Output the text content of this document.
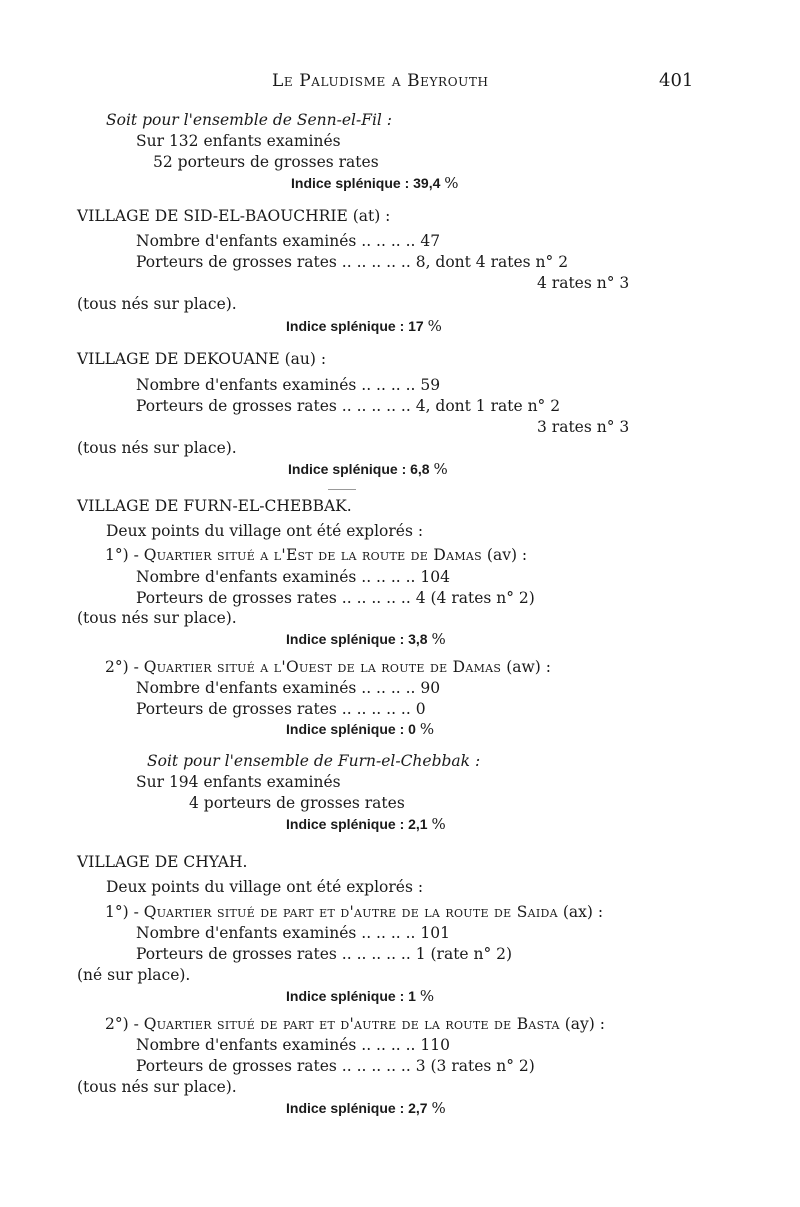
Le Paludisme a Beyrouth	401
Soit pour l'ensemble de Senn-el-Fil :
Sur 132 enfants examinés
52 porteurs de grosses rates
Indice splénique : 39,4 %
VILLAGE DE SID-EL-BAOUCHRIE (at) :
Nombre d'enfants examinés .. .. .. .. 47
Porteurs de grosses rates .. .. .. .. .. 8, dont 4 rates n° 2
4 rates n° 3
(tous nés sur place).
Indice splénique : 17 %
VILLAGE DE DEKOUANE (au) :
Nombre d'enfants examinés .. .. .. .. 59
Porteurs de grosses rates .. .. .. .. .. 4, dont 1 rate n° 2
3 rates n° 3
(tous nés sur place).
Indice splénique : 6,8 %
VILLAGE DE FURN-EL-CHEBBAK.
Deux points du village ont été explorés :
1°) - Quartier situé a l'Est de la route de Damas (av) :
Nombre d'enfants examinés .. .. .. .. 104
Porteurs de grosses rates .. .. .. .. .. 4 (4 rates n° 2)
(tous nés sur place).
Indice splénique : 3,8 %
2°) - Quartier situé a l'Ouest de la route de Damas (aw) :
Nombre d'enfants examinés .. .. .. .. 90
Porteurs de grosses rates .. .. .. .. .. 0
Indice splénique : 0 %
Soit pour l'ensemble de Furn-el-Chebbak :
Sur 194 enfants examinés
4 porteurs de grosses rates
Indice splénique : 2,1 %
VILLAGE DE CHYAH.
Deux points du village ont été explorés :
1°) - Quartier situé de part et d'autre de la route de Saida (ax) :
Nombre d'enfants examinés .. .. .. .. 101
Porteurs de grosses rates .. .. .. .. .. 1 (rate n° 2)
(né sur place).
Indice splénique : 1 %
2°) - Quartier situé de part et d'autre de la route de Basta (ay) :
Nombre d'enfants examinés .. .. .. .. 110
Porteurs de grosses rates .. .. .. .. .. 3 (3 rates n° 2)
(tous nés sur place).
Indice splénique : 2,7 %
